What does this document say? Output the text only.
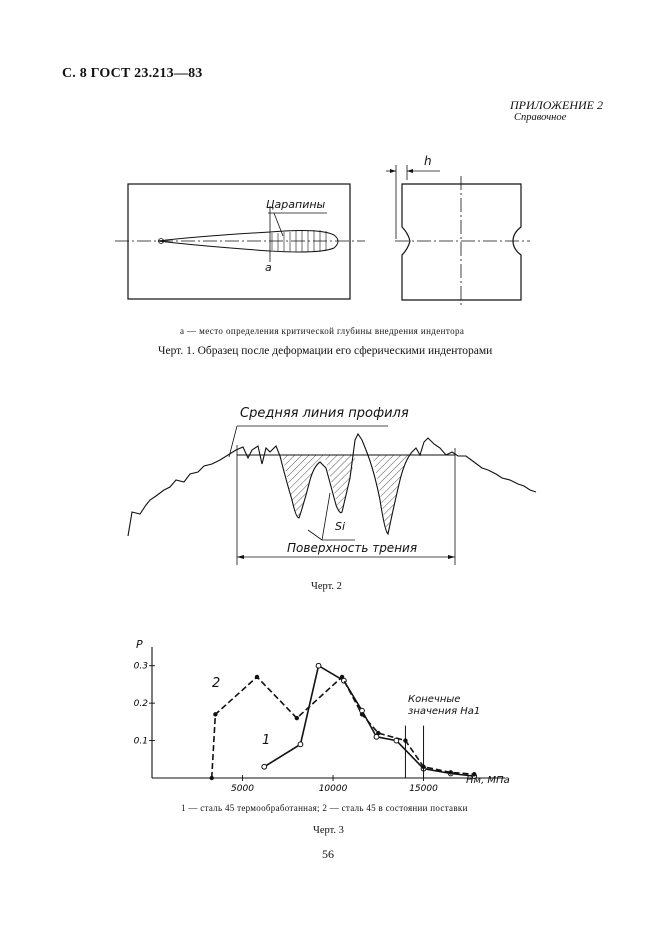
С. 8 ГОСТ 23.213—83
ПРИЛОЖЕНИЕ 2
Справочное
Царапины
а
h
а — место определения критической глубины внедрения индентора
Черт. 1. Образец после деформации его сферическими инденторами
Средняя линия профиля
Si
Поверхность трения
Черт. 2
0.1
0.2
0.3
5000	10000	15000
P
Hм, МПа
Конечные значения Hа1
2
1
1 — сталь 45 термообработанная; 2 — сталь 45 в состоянии поставки
Черт. 3
56
